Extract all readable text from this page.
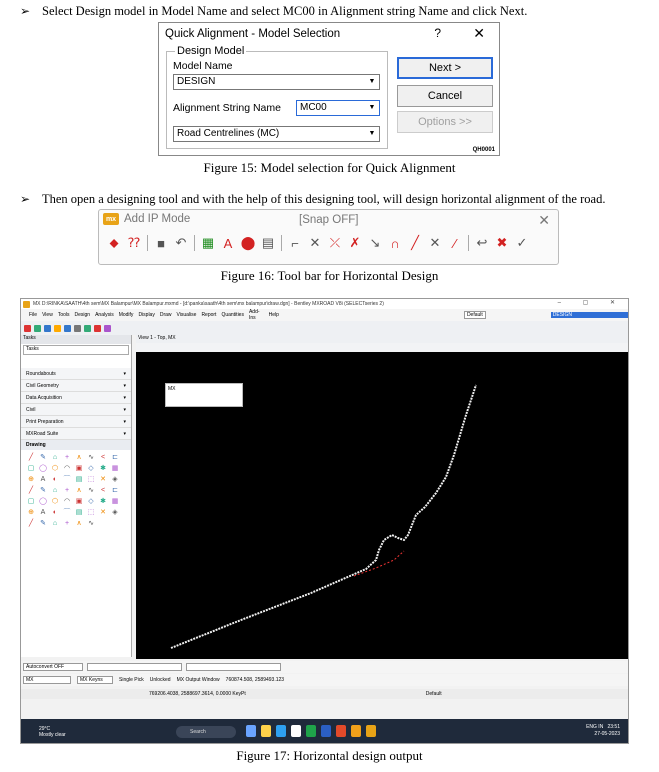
➢ Select Design model in Model Name and select MC00 in Alignment string Name and click Next.
Quick Alignment - Model Selection	? ✕
Design Model
Model Name
DESIGN	▼
Alignment String Name	MC00	▼
Road Centrelines (MC)	▼
Next >
Cancel
Options >>
QH0001
Figure 15: Model selection for Quick Alignment
➢ Then open a designing tool and with the help of this designing tool, will design horizontal alignment of the road.
mx Add IP Mode	[Snap OFF]	✕
⬥ ⁇	■ ↶ ▦ A ⬤ ▤	⌐ ✕ ⤫ ✗ ↘ ∩ ╱ ✕	∕	↩ ✖ ✓
Figure 16: Tool bar for Horizontal Design
MX D:\RINKA\SAATH\4th sem\MX Balampur\MX Balampur.mxmd - [d:\panka\saath\4th sem\mx balampur\draw.dgn] - Bentley MXROAD V8i (SELECTseries 2)	– ▢ ✕
File View Tools Design Analysis Modify Display Draw Visualise Report Quantities Add-Ins	Help	Default	DESIGN
Tasks
Tasks
Roundabouts	▾
Civil Geometry	▾
Data Acquisition	▾
Civil	▾
Print Preparation	▾
MXRoad Suite	▾
Drawing
╱ ✎ ⌂ + ∧ ∿ < ⊏▢ ◯ ⬡ ◠ ▣ ◇ ✱ ▦⊕ A ◐ ⌒ ▤ ⬚ ✕ ◈╱ ✎ ⌂ + ∧ ∿ < ⊏▢ ◯ ⬡ ◠ ▣ ◇ ✱ ▦⊕ A ◐ ⌒ ▤ ⬚ ✕ ◈╱ ✎ ⌂ + ∧ ∿
View 1 - Top, MX
MX
Autoconvert OFF
MX	MX Keyns	Single Pick Unlocked MX Output Window 760874.508, 2589493.123
769206.4038, 2588697.3614, 0.0000 KeyPt	Default
29°C
Mostly clear	Search
ENG IN 23:51
27-05-2023
Figure 17: Horizontal design output
